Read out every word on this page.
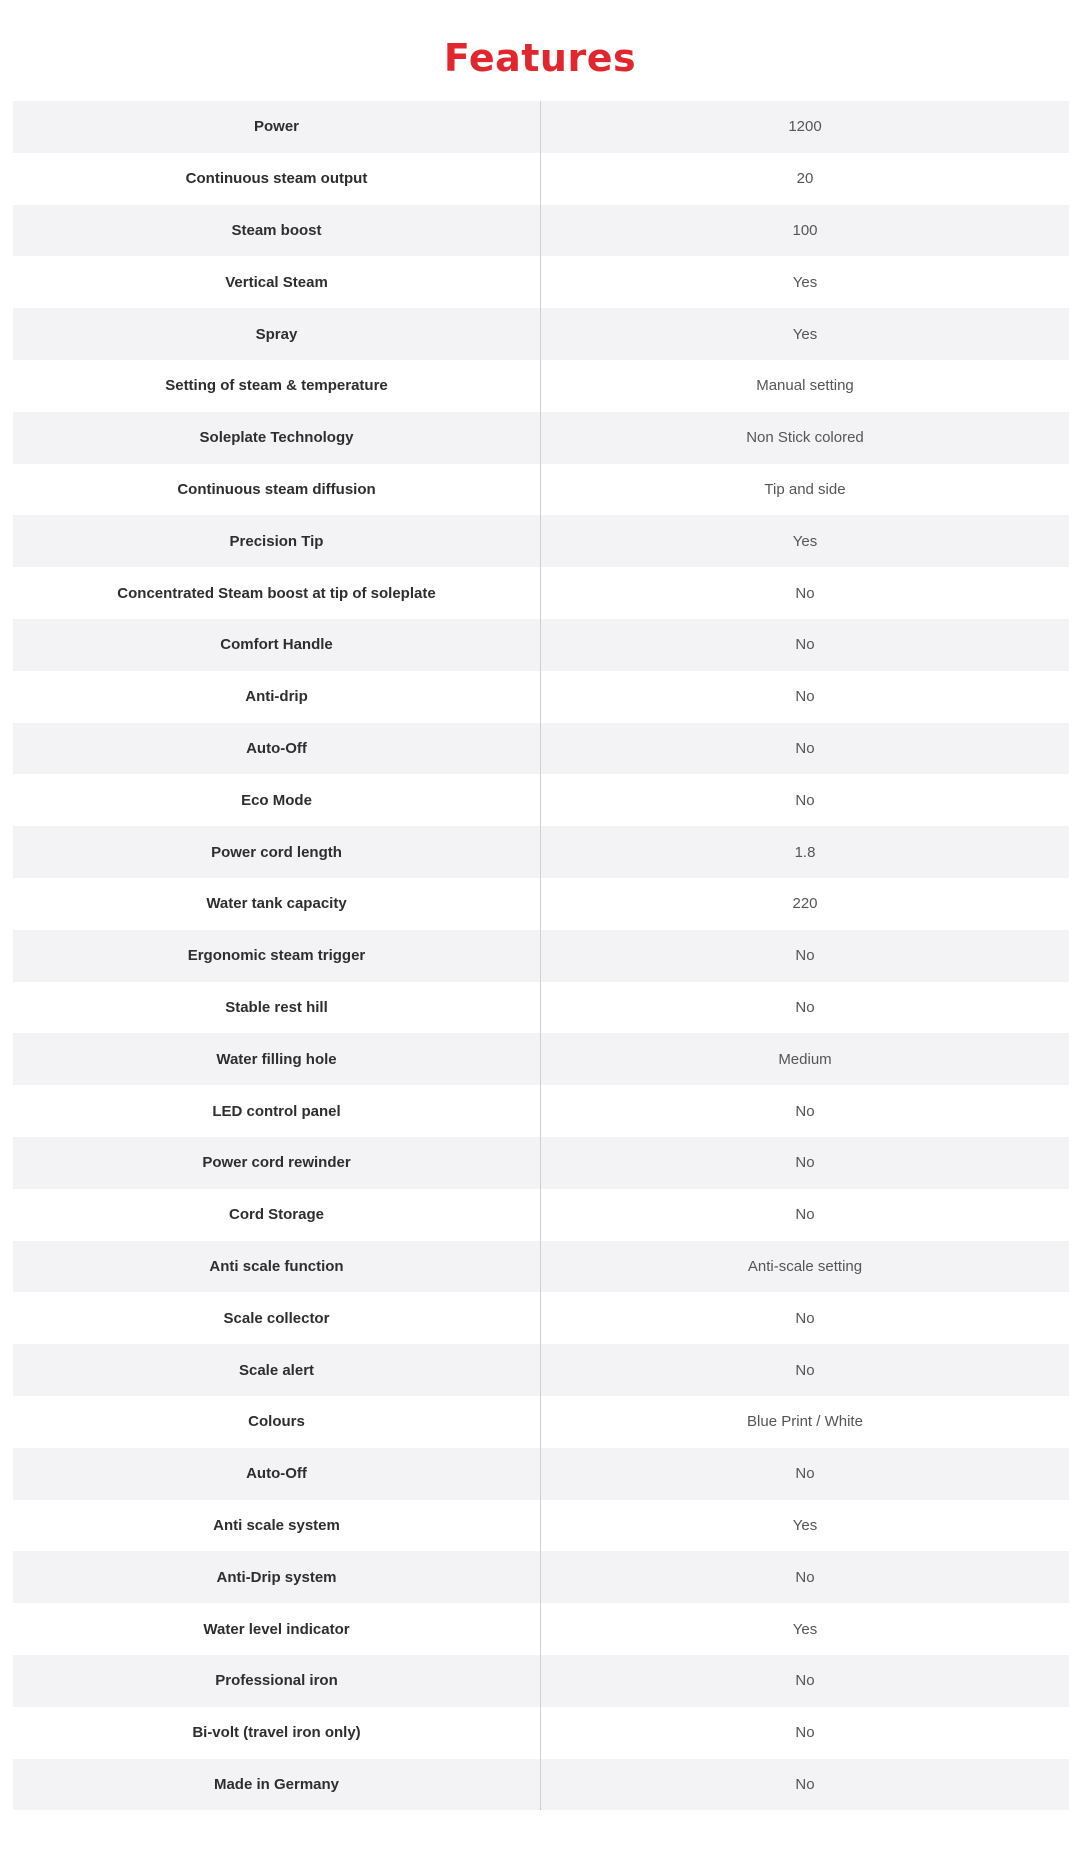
Features
Power	1200
Continuous steam output	20
Steam boost	100
Vertical Steam	Yes
Spray	Yes
Setting of steam & temperature	Manual setting
Soleplate Technology	Non Stick colored
Continuous steam diffusion	Tip and side
Precision Tip	Yes
Concentrated Steam boost at tip of soleplate	No
Comfort Handle	No
Anti-drip	No
Auto-Off	No
Eco Mode	No
Power cord length	1.8
Water tank capacity	220
Ergonomic steam trigger	No
Stable rest hill	No
Water filling hole	Medium
LED control panel	No
Power cord rewinder	No
Cord Storage	No
Anti scale function	Anti-scale setting
Scale collector	No
Scale alert	No
Colours	Blue Print / White
Auto-Off	No
Anti scale system	Yes
Anti-Drip system	No
Water level indicator	Yes
Professional iron	No
Bi-volt (travel iron only)	No
Made in Germany	No
